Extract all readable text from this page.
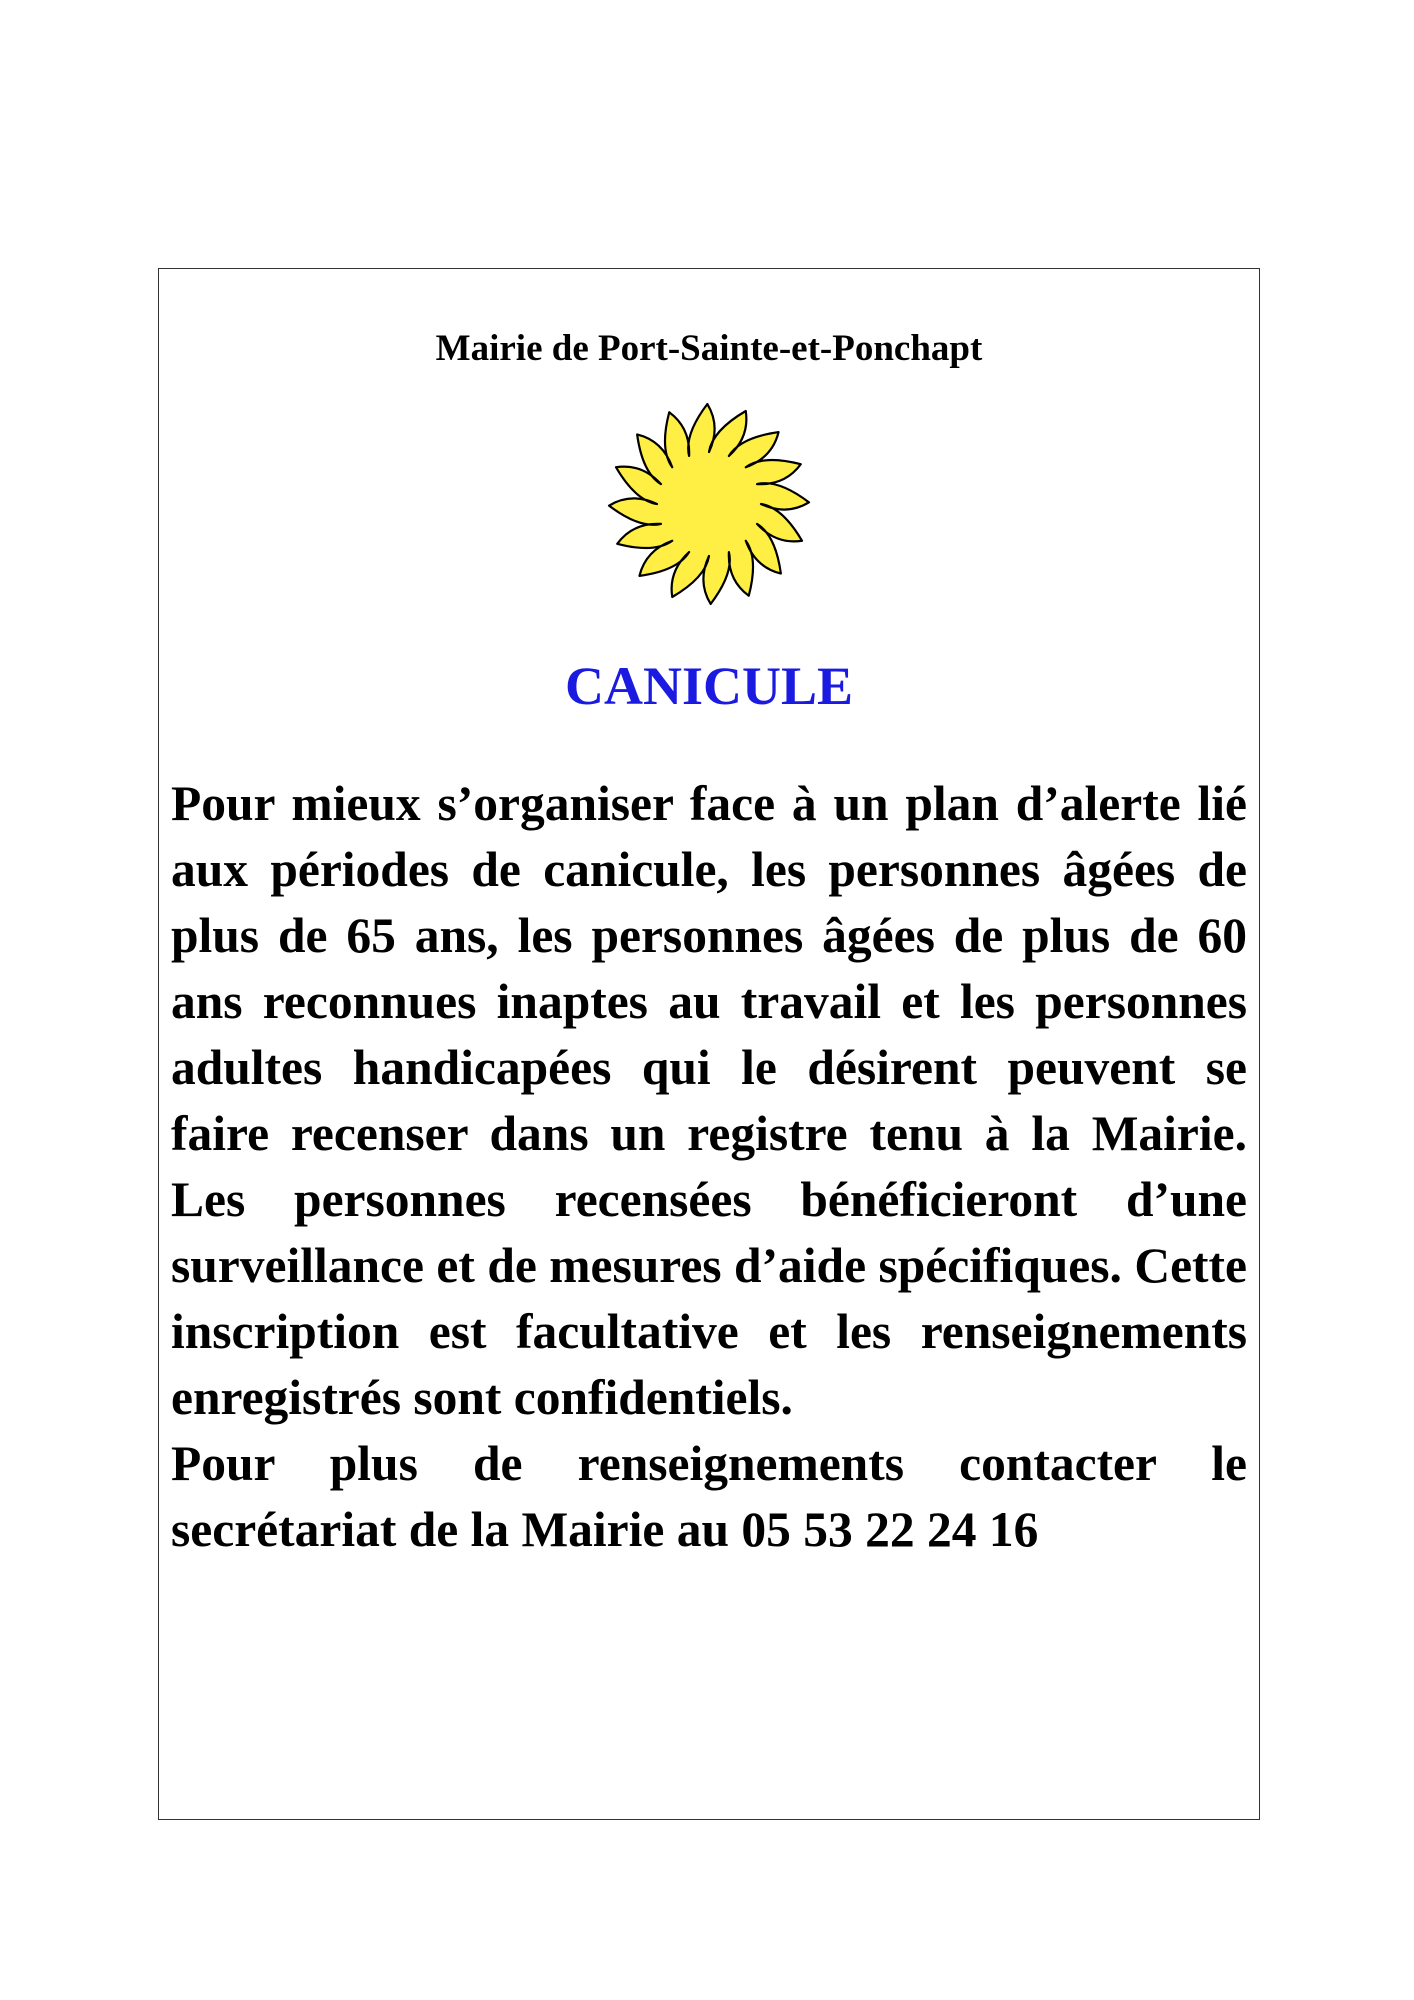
Mairie de Port-Sainte-et-Ponchapt
CANICULE

Pour mieux s’organiser face à un plan d’alerte lié aux périodes de canicule, les personnes âgées de plus de 65 ans, les personnes âgées de plus de 60 ans reconnues inaptes au travail et les personnes adultes handicapées qui le désirent peuvent se faire recenser dans un registre tenu à la Mairie. Les personnes recensées bénéficieront d’une surveillance et de mesures d’aide spécifiques. Cette inscription est facultative et les renseignements enregistrés sont confidentiels.
Pour plus de renseignements contacter le secrétariat de la Mairie au 05 53 22 24 16
